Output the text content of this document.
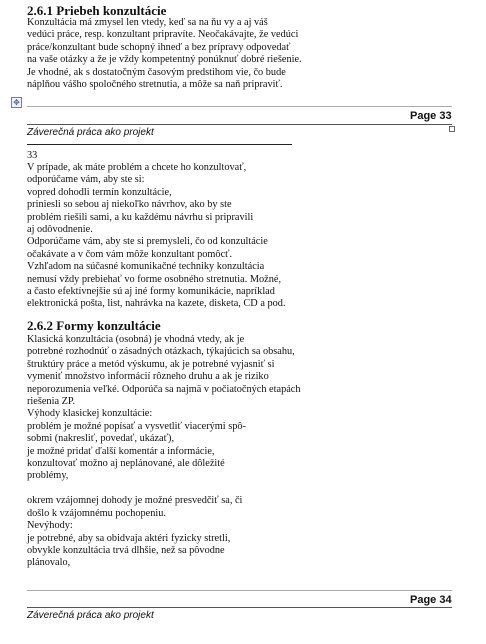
2.6.1 Priebeh konzultácie
Konzultácia má zmysel len vtedy, keď sa na ňu vy a aj váš
vedúci práce, resp. konzultant pripravíte. Neočakávajte, že vedúci
práce/konzultant bude schopný ihneď a bez prípravy odpovedať
na vaše otázky a že je vždy kompetentný ponúknuť dobré riešenie.
Je vhodné, ak s dostatočným časovým predstihom vie, čo bude
náplňou vášho spoločného stretnutia, a môže sa naň pripraviť.
✥
Page 33
Záverečná práca ako projekt
33
V prípade, ak máte problém a chcete ho konzultovať,
odporúčame vám, aby ste si:
vopred dohodli termín konzultácie,
priniesli so sebou aj niekoľko návrhov, ako by ste
problém riešili sami, a ku každému návrhu si pripravili
aj odôvodnenie.
Odporúčame vám, aby ste si premysleli, čo od konzultácie
očakávate a v čom vám môže konzultant pomôcť.
Vzhľadom na súčasné komunikačné techniky konzultácia
nemusí vždy prebiehať vo forme osobného stretnutia. Možné,
a často efektívnejšie sú aj iné formy komunikácie, napríklad
elektronická pošta, list, nahrávka na kazete, disketa, CD a pod.
2.6.2 Formy konzultácie
Klasická konzultácia (osobná) je vhodná vtedy, ak je
potrebné rozhodnúť o zásadných otázkach, týkajúcich sa obsahu,
štruktúry práce a metód výskumu, ak je potrebné vyjasniť si
vymeniť množstvo informácií rôzneho druhu a ak je riziko
neporozumenia veľké. Odporúča sa najmä v počiatočných etapách
riešenia ZP.
Výhody klasickej konzultácie:
problém je možné popísať a vysvetliť viacerými spô-
sobmi (nakresliť, povedať, ukázať),
je možné pridať ďalší komentár a informácie,
konzultovať možno aj neplánované, ale dôležité
problémy,

okrem vzájomnej dohody je možné presvedčiť sa, či
došlo k vzájomnému pochopeniu.
Nevýhody:
je potrebné, aby sa obidvaja aktéri fyzicky stretli,
obvykle konzultácia trvá dlhšie, než sa pôvodne
plánovalo,
Page 34
Záverečná práca ako projekt
